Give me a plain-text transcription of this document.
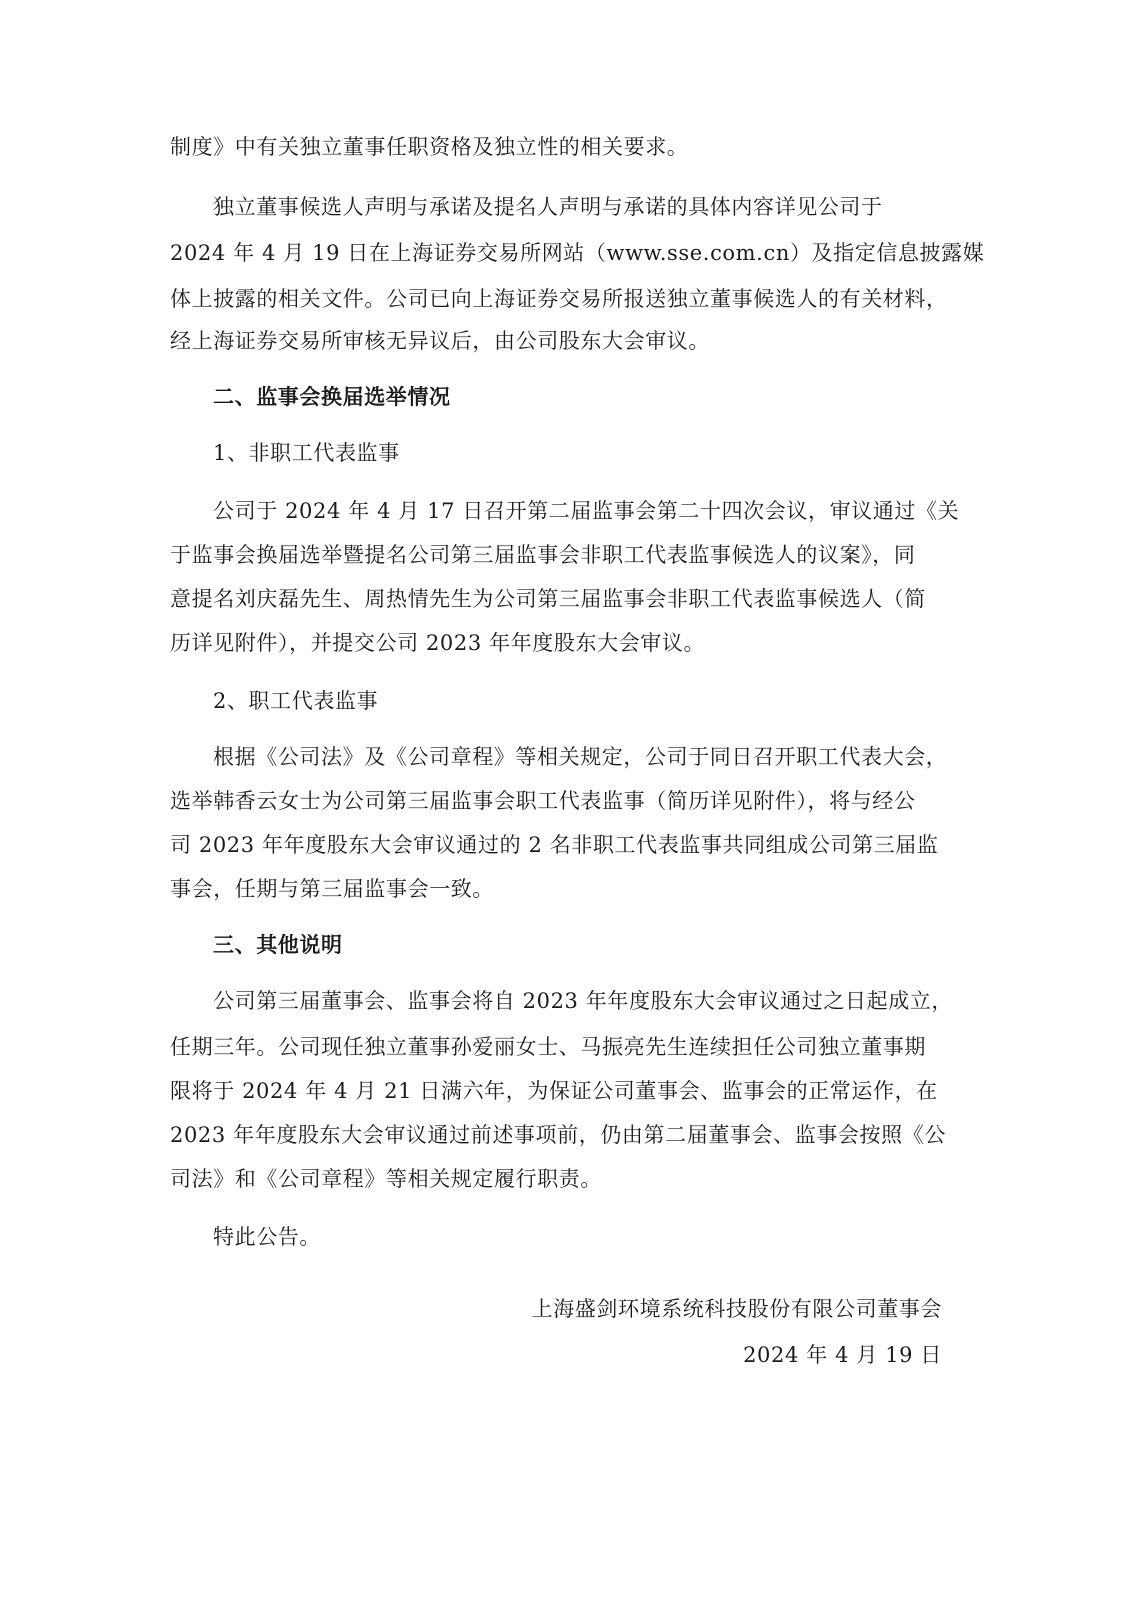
制度》中有关独立董事任职资格及独立性的相关要求。
独立董事候选人声明与承诺及提名人声明与承诺的具体内容详见公司于
2024 年 4 月 19 日在上海证券交易所网站（www.sse.com.cn）及指定信息披露媒
体上披露的相关文件。公司已向上海证券交易所报送独立董事候选人的有关材料，
经上海证券交易所审核无异议后，由公司股东大会审议。
二、监事会换届选举情况
1、非职工代表监事
公司于 2024 年 4 月 17 日召开第二届监事会第二十四次会议，审议通过《关
于监事会换届选举暨提名公司第三届监事会非职工代表监事候选人的议案》，同
意提名刘庆磊先生、周热情先生为公司第三届监事会非职工代表监事候选人（简
历详见附件），并提交公司 2023 年年度股东大会审议。
2、职工代表监事
根据《公司法》及《公司章程》等相关规定，公司于同日召开职工代表大会，
选举韩香云女士为公司第三届监事会职工代表监事（简历详见附件），将与经公
司 2023 年年度股东大会审议通过的 2 名非职工代表监事共同组成公司第三届监
事会，任期与第三届监事会一致。
三、其他说明
公司第三届董事会、监事会将自 2023 年年度股东大会审议通过之日起成立，
任期三年。公司现任独立董事孙爱丽女士、马振亮先生连续担任公司独立董事期
限将于 2024 年 4 月 21 日满六年，为保证公司董事会、监事会的正常运作，在
2023 年年度股东大会审议通过前述事项前，仍由第二届董事会、监事会按照《公
司法》和《公司章程》等相关规定履行职责。
特此公告。
上海盛剑环境系统科技股份有限公司董事会
2024 年 4 月 19 日
